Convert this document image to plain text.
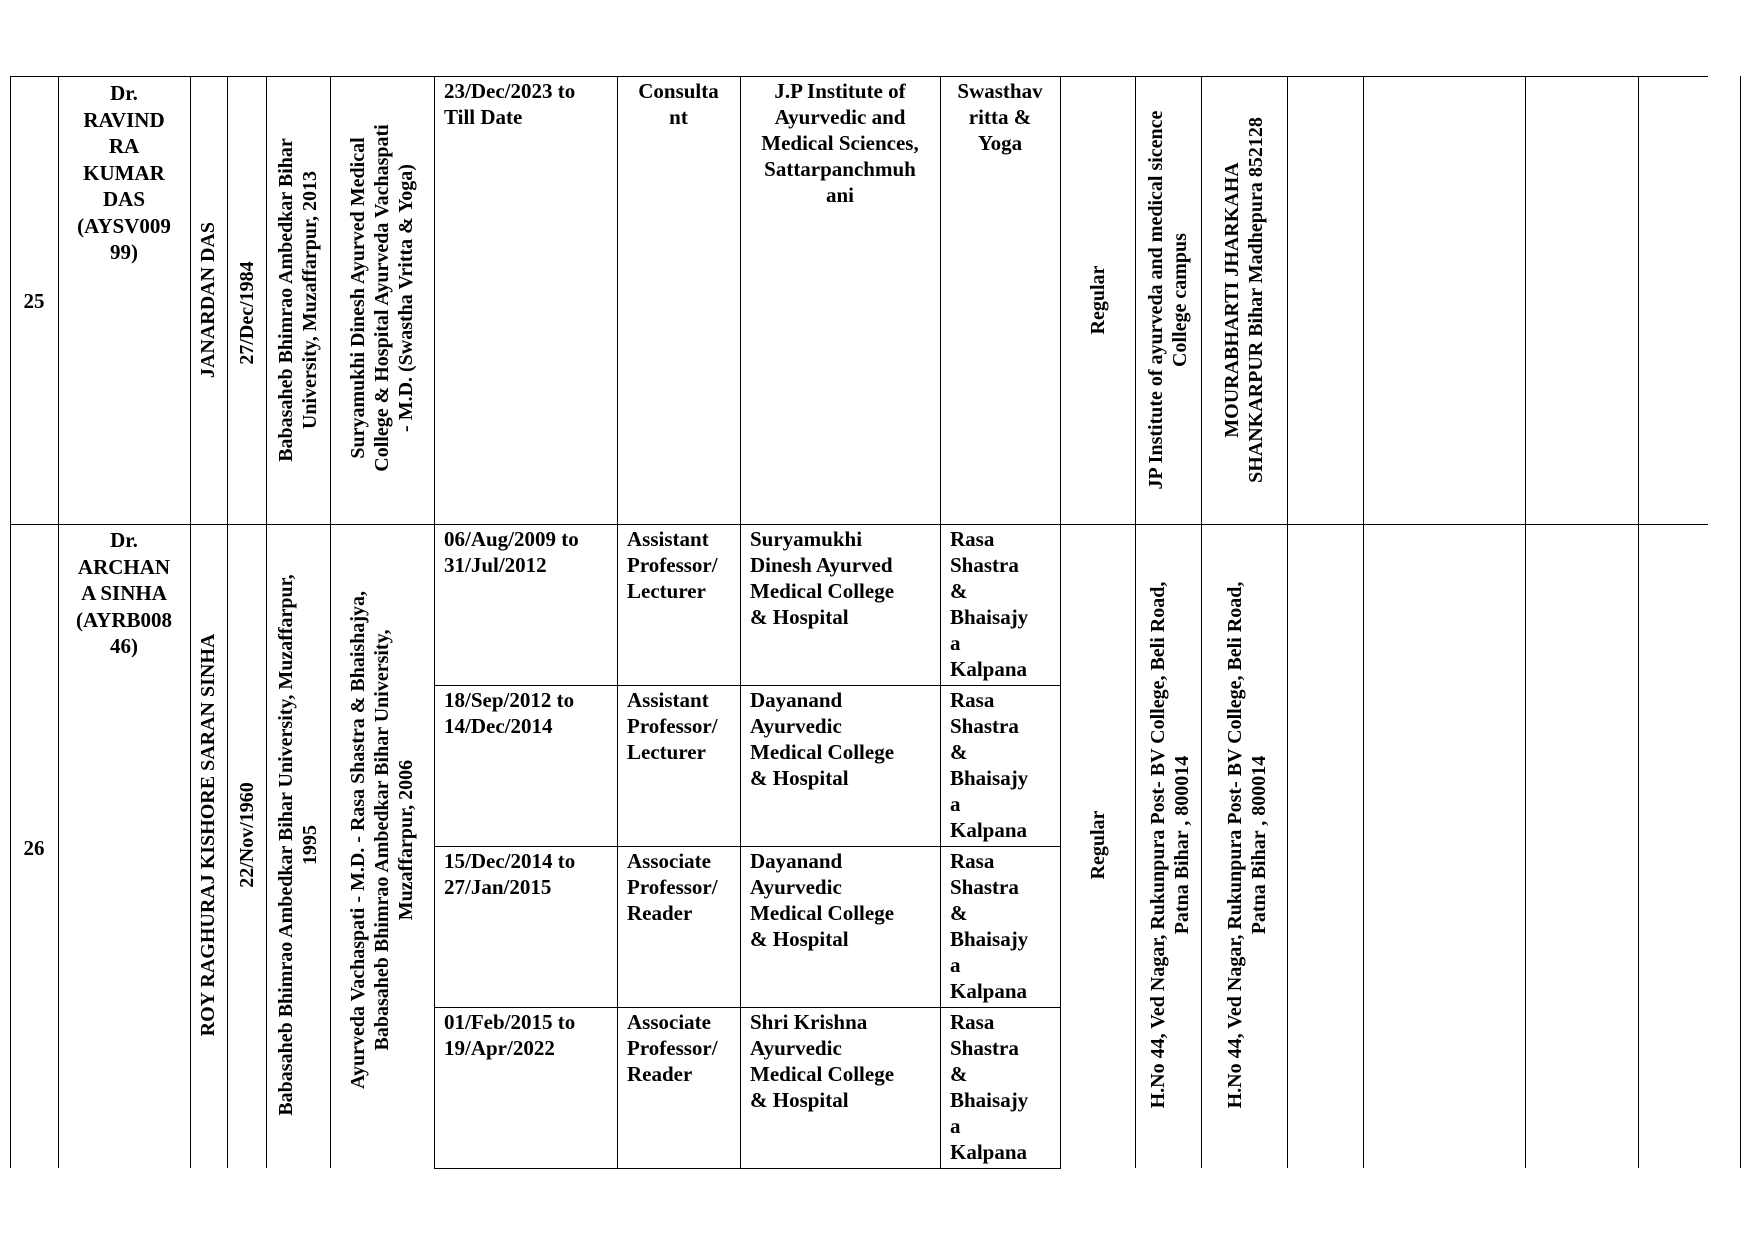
25
Dr.
RAVIND
RA
KUMAR
DAS
(AYSV009
99)	JANARDAN DAS 27/Dec/1984 Babasaheb Bhimrao Ambedkar Bihar University, Muzaffarpur, 2013 Suryamukhi Dinesh Ayurved Medical College & Hospital Ayurveda Vachaspati - M.D. (Swastha Vritta & Yoga)
23/Dec/2023 to
Till Date
Consulta
nt
J.P Institute of
Ayurvedic and
Medical Sciences,
Sattarpanchmuh
ani
Swasthav
ritta &
Yoga
Regular JP Institute of ayurveda and medical sicence College campus MOURABHARTI JHARKAHA SHANKARPUR Bihar Madhepura 852128
26
Dr.
ARCHAN
A SINHA
(AYRB008
46)	ROY RAGHURAJ KISHORE SARAN SINHA 22/Nov/1960 Babasaheb Bhimrao Ambedkar Bihar University, Muzaffarpur, 1995 Ayurveda Vachaspati - M.D. - Rasa Shastra & Bhaishajya, Babasaheb Bhimrao Ambedkar Bihar University, Muzaffarpur, 2006
06/Aug/2009 to
31/Jul/2012
Assistant
Professor/
Lecturer
Suryamukhi
Dinesh Ayurved
Medical College
& Hospital
Rasa
Shastra
&
Bhaisajy
a
Kalpana
18/Sep/2012 to
14/Dec/2014
Assistant
Professor/
Lecturer
Dayanand
Ayurvedic
Medical College
& Hospital
Rasa
Shastra
&
Bhaisajy
a
Kalpana
15/Dec/2014 to
27/Jan/2015
Associate
Professor/
Reader
Dayanand
Ayurvedic
Medical College
& Hospital
Rasa
Shastra
&
Bhaisajy
a
Kalpana
01/Feb/2015 to
19/Apr/2022
Associate
Professor/
Reader
Shri Krishna
Ayurvedic
Medical College
& Hospital
Rasa
Shastra
&
Bhaisajy
a
Kalpana
Regular H.No 44, Ved Nagar, Rukunpura Post- BV College, Beli Road, Patna Bihar , 800014 H.No 44, Ved Nagar, Rukunpura Post- BV College, Beli Road, Patna Bihar , 800014
